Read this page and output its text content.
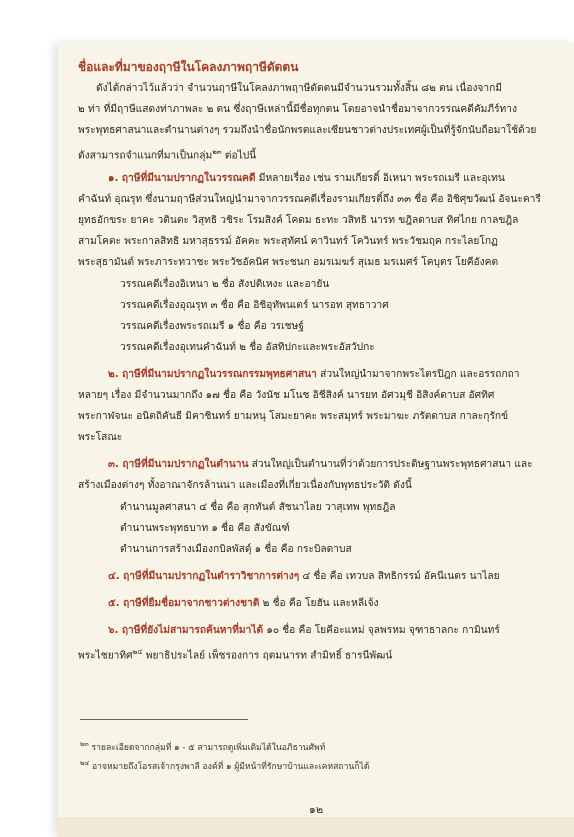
ชื่อและที่มาของฤาษีในโคลงภาพฤาษีดัดตน
ดังได้กล่าวไว้แล้วว่า จำนวนฤาษีในโคลงภาพฤาษีดัดตนมีจำนวนรวมทั้งสิ้น ๘๒ ตน เนื่องจากมี
๒ ท่า ที่มีฤาษีแสดงท่าภาพละ ๒ ตน ซึ่งฤาษีเหล่านี้มีชื่อทุกตน โดยอาจนำชื่อมาจากวรรณคดีคัมภีร์ทาง
พระพุทธศาสนาและตำนานต่างๆ รวมถึงนำชื่อนักพรตและเซียนชาวต่างประเทศผู้เป็นที่รู้จักนับถือมาใช้ด้วย
ดังสามารถจำแนกที่มาเป็นกลุ่ม$^{๒๓}$ ต่อไปนี้
๑. ฤาษีที่มีนามปรากฏในวรรณคดี มีหลายเรื่อง เช่น รามเกียรติ์ อิเหนา พระรถเมรี และอุเทน
คำฉันท์ อุณรุท ซึ่งนามฤาษีส่วนใหญ่นำมาจากวรรณคดีเรื่องรามเกียรติ์ถึง ๓๓ ชื่อ คือ อิชิศุขวัฒน์ อัจนะคารี
ยุทธอักขระ ยาคะ วตินตะ วิสุทธิ วชิระ โรมสิงค์ โคดม ธะทะ วสิทธิ นารท ขฎิลดาบส ทิศไกย กาลขฎิล
สามโคตะ พระกาลสิทธิ มหาสุธรรม์ อัคคะ พระสุทัศน์ คาวินทร์ โควินทร์ พระวัชมฤค กระไลยโกฏ
พระสุธามันต์ พระภาระทวาชะ พระวัชอัคนิศ พระชนก อมรเมฆร์ สุเมธ มรเมศร์ โคบุตร โยคีอังคต
วรรณคดีเรื่องอิเหนา ๒ ชื่อ สังปติเหงะ และอายัน
วรรณคดีเรื่องอุณรุท ๓ ชื่อ คือ อิชิอุทัพนเตร์ นารอท สุทธาวาศ
วรรณคดีเรื่องพระรถเมรี ๑ ชื่อ คือ วรเชษฐ์
วรรณคดีเรื่องอุเทนคำฉันท์ ๒ ชื่อ อัสทิปกะและพระอัสวัปกะ
๒. ฤาษีที่มีนามปรากฏในวรรณกรรมพุทธศาสนา ส่วนใหญ่นำมาจากพระไตรปิฎก และอรรถกถา
หลายๆ เรื่อง มีจำนวนมากถึง ๑๗ ชื่อ คือ วังนัช มโนช อิชีสิงค์ นารยท อัศวมุชี อิสิงค์ดาบส อัศทิศ
พระกาฬจนะ อนิตถิคันธี มิคาชินทร์ ยามหนุ โสมะยาคะ พระสมุทร์ พระมาฆะ ภรัตดาบส กาละกุรักข์
พระโสณะ
๓. ฤาษีที่มีนามปรากฏในตำนาน ส่วนใหญ่เป็นตำนานที่ว่าด้วยการประดิษฐานพระพุทธศาสนา และ
สร้างเมืองต่างๆ ทั้งอาณาจักรล้านนา และเมืองที่เกี่ยวเนื่องกับพุทธประวัติ ดังนี้
ตำนานมูลศาสนา ๔ ชื่อ คือ สุกทันต์ สัชนาไลย วาสุเทพ พุทธฎิล
ตำนานพระพุทธบาท ๑ ชื่อ คือ สังขัณฑ์
ตำนานการสร้างเมืองกบิลพัสดุ์ ๑ ชื่อ คือ กระบิลดาบส
๔. ฤาษีที่มีนามปรากฏในตำราวิชาการต่างๆ ๔ ชื่อ คือ เทวบล สิทธิกรรม์ อัคนีเนตร นาไลย
๕. ฤาษีที่ยืมชื่อมาจากชาวต่างชาติ ๒ ชื่อ คือ โยฮัน และหลีเจ้ง
๖. ฤาษีที่ยังไม่สามารถค้นหาที่มาได้ ๑๐ ชื่อ คือ โยคีอะแหม่ จุลพรหม จุฑาธาลกะ กามินทร์
พระไชยาทิศ$^{๒๔}$ พยาธิประไลย์ เพ็ชรองการ ฤตมนารท สำมิทธิ์ ธารนีพัฒน์
$^{๒๓}$ รายละเอียดจากกลุ่มที่ ๑ - ๕ สามารถดูเพิ่มเติมได้ในอภิธานศัพท์
$^{๒๔}$ อาจหมายถึงโอรสเจ้ากรุงพาลี องค์ที่ ๑ ผู้มีหน้าที่รักษาบ้านและเคหสถานก็ได้
๑๒
